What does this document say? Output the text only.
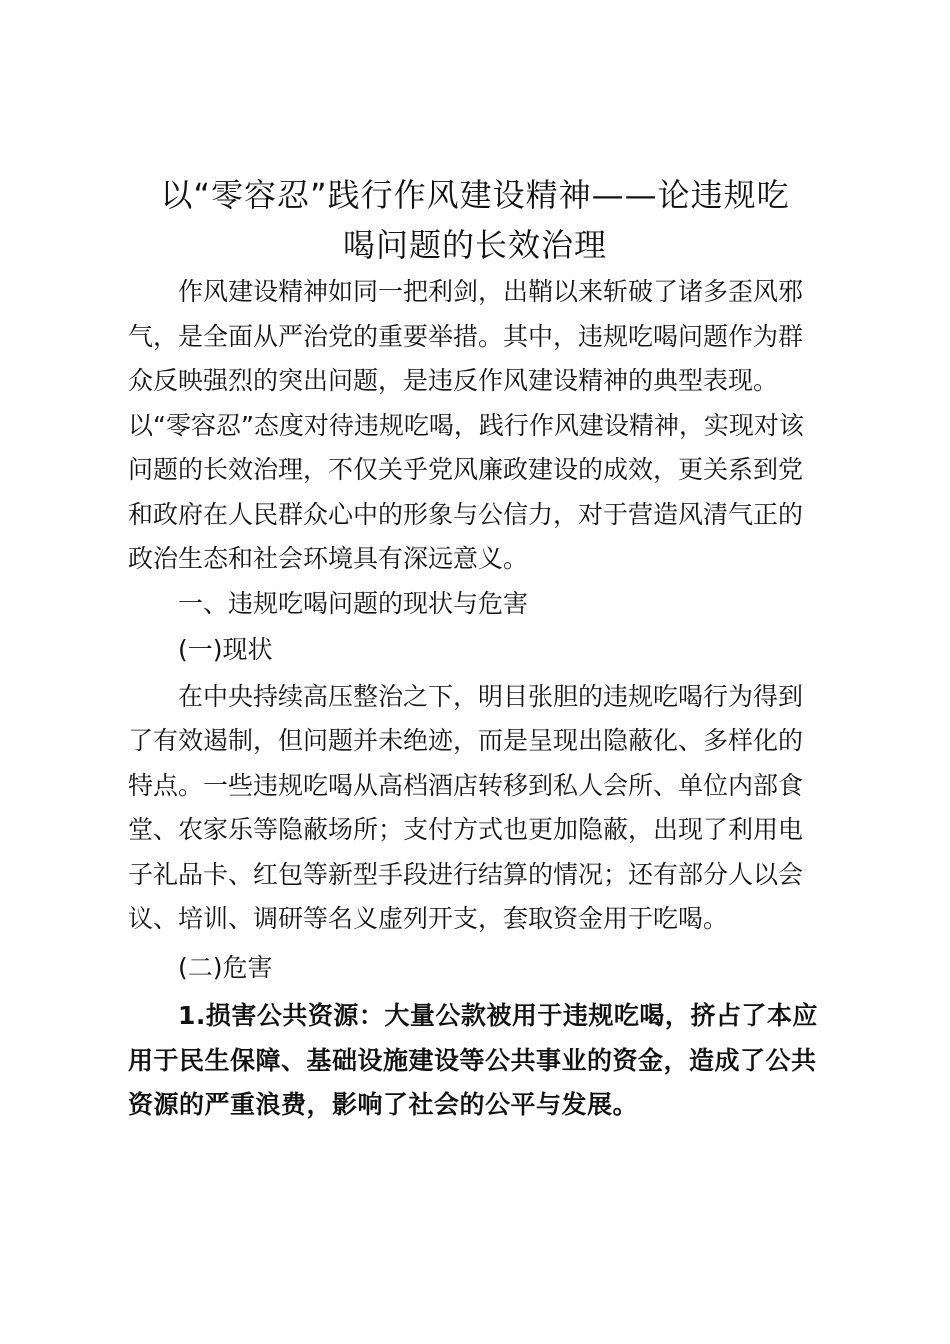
以“零容忍”践行作风建设精神——论违规吃
喝问题的长效治理
作风建设精神如同一把利剑，出鞘以来斩破了诸多歪风邪
气，是全面从严治党的重要举措。其中，违规吃喝问题作为群
众反映强烈的突出问题，是违反作风建设精神的典型表现。
以“零容忍”态度对待违规吃喝，践行作风建设精神，实现对该
问题的长效治理，不仅关乎党风廉政建设的成效，更关系到党
和政府在人民群众心中的形象与公信力，对于营造风清气正的
政治生态和社会环境具有深远意义。
一、违规吃喝问题的现状与危害
(一)现状
在中央持续高压整治之下，明目张胆的违规吃喝行为得到
了有效遏制，但问题并未绝迹，而是呈现出隐蔽化、多样化的
特点。一些违规吃喝从高档酒店转移到私人会所、单位内部食
堂、农家乐等隐蔽场所；支付方式也更加隐蔽，出现了利用电
子礼品卡、红包等新型手段进行结算的情况；还有部分人以会
议、培训、调研等名义虚列开支，套取资金用于吃喝。
(二)危害
1.损害公共资源：大量公款被用于违规吃喝，挤占了本应
用于民生保障、基础设施建设等公共事业的资金，造成了公共
资源的严重浪费，影响了社会的公平与发展。
